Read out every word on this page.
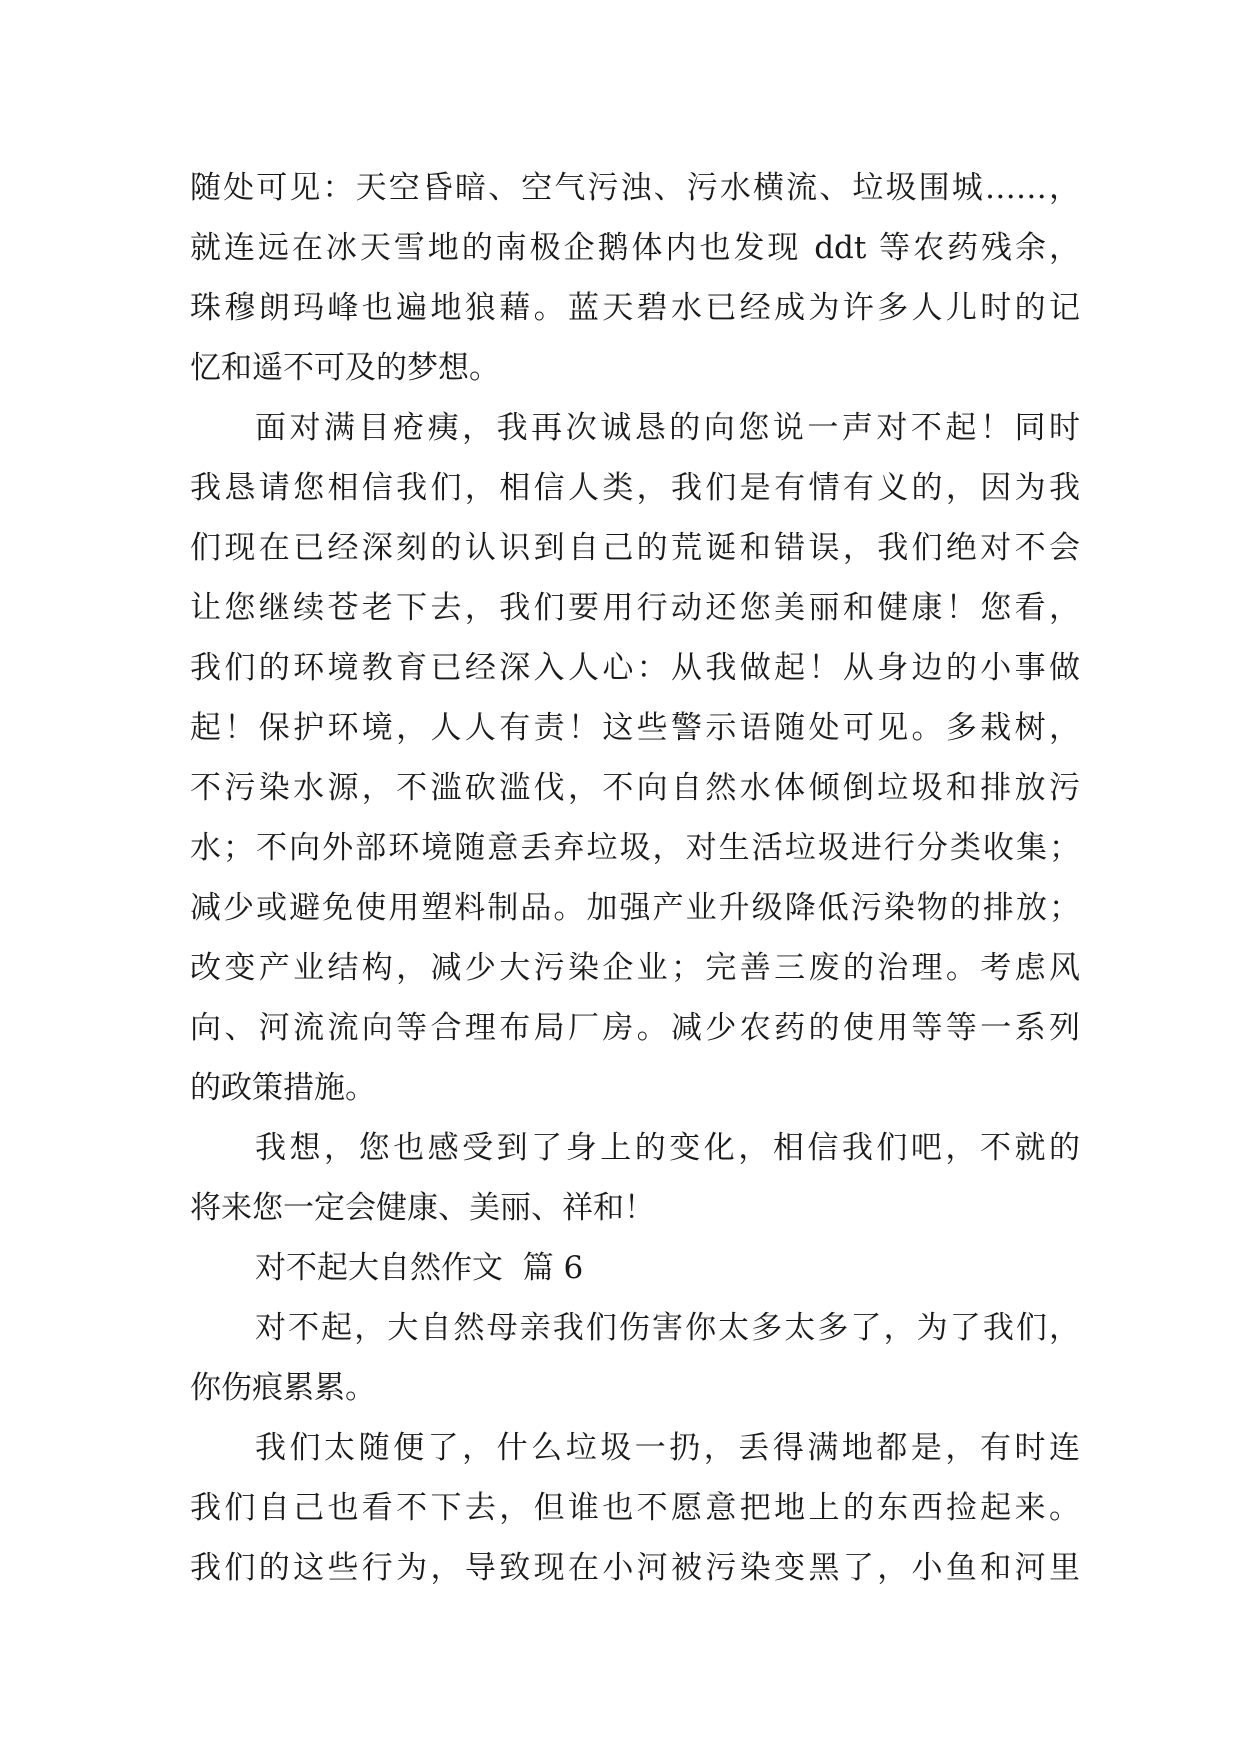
随处可见：天空昏暗、空气污浊、污水横流、垃圾围城……，
就连远在冰天雪地的南极企鹅体内也发现 ddt 等农药残余，
珠穆朗玛峰也遍地狼藉。蓝天碧水已经成为许多人儿时的记
忆和遥不可及的梦想。
面对满目疮痍，我再次诚恳的向您说一声对不起！同时
我恳请您相信我们，相信人类，我们是有情有义的，因为我
们现在已经深刻的认识到自己的荒诞和错误，我们绝对不会
让您继续苍老下去，我们要用行动还您美丽和健康！您看，
我们的环境教育已经深入人心：从我做起！从身边的小事做
起！保护环境，人人有责！这些警示语随处可见。多栽树，
不污染水源，不滥砍滥伐，不向自然水体倾倒垃圾和排放污
水；不向外部环境随意丢弃垃圾，对生活垃圾进行分类收集；
减少或避免使用塑料制品。加强产业升级降低污染物的排放；
改变产业结构，减少大污染企业；完善三废的治理。考虑风
向、河流流向等合理布局厂房。减少农药的使用等等一系列
的政策措施。
我想，您也感受到了身上的变化，相信我们吧，不就的
将来您一定会健康、美丽、祥和！
对不起大自然作文  篇 6
对不起，大自然母亲我们伤害你太多太多了，为了我们，
你伤痕累累。
我们太随便了，什么垃圾一扔，丢得满地都是，有时连
我们自己也看不下去，但谁也不愿意把地上的东西捡起来。
我们的这些行为，导致现在小河被污染变黑了，小鱼和河里
